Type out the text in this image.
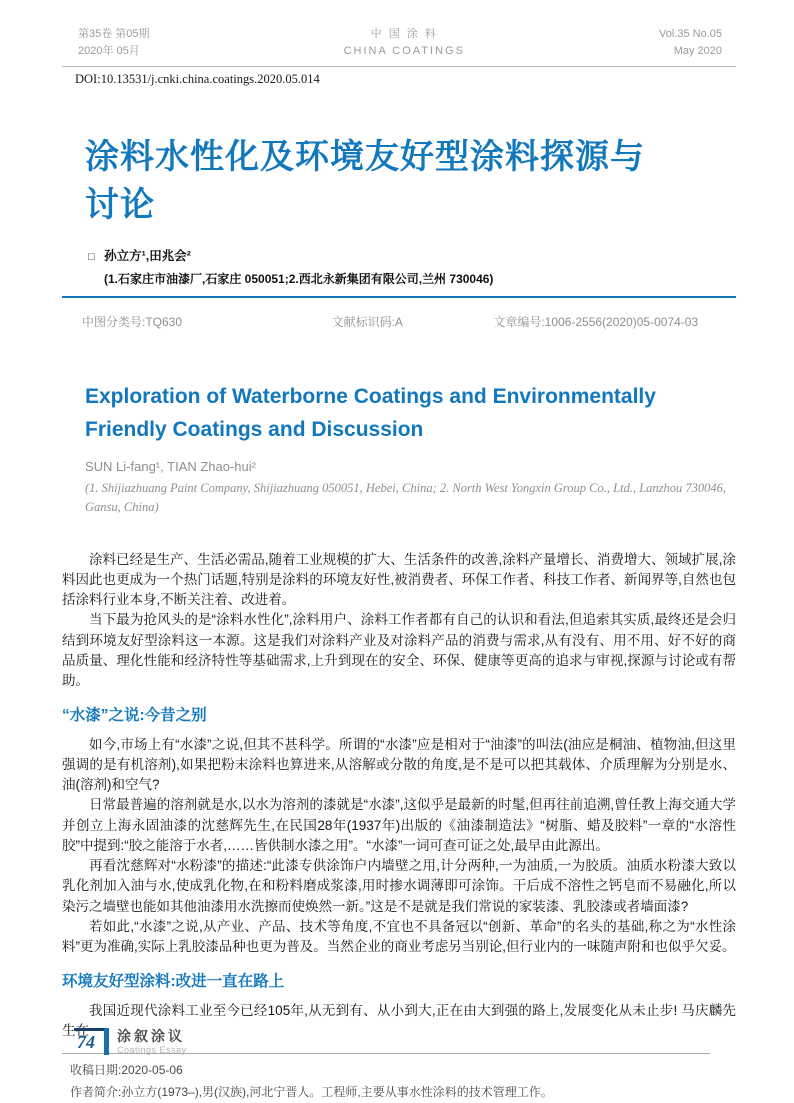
第35卷 第05期
2020年 05月
中 国 涂 料
CHINA COATINGS
Vol.35 No.05
May 2020
DOI:10.13531/j.cnki.china.coatings.2020.05.014
涂料水性化及环境友好型涂料探源与讨论
□ 孙立方¹,田兆会²
(1.石家庄市油漆厂,石家庄 050051;2.西北永新集团有限公司,兰州 730046)
中图分类号:TQ630	文献标识码:A	文章编号:1006-2556(2020)05-0074-03
Exploration of Waterborne Coatings and Environmentally Friendly Coatings and Discussion
SUN Li-fang¹, TIAN Zhao-hui²
(1. Shijiazhuang Paint Company, Shijiazhuang 050051, Hebei, China; 2. North West Yongxin Group Co., Ltd., Lanzhou 730046, Gansu, China)

涂料已经是生产、生活必需品,随着工业规模的扩大、生活条件的改善,涂料产量增长、消费增大、领域扩展,涂料因此也更成为一个热门话题,特别是涂料的环境友好性,被消费者、环保工作者、科技工作者、新闻界等,自然也包括涂料行业本身,不断关注着、改进着。

当下最为抢风头的是“涂料水性化”,涂料用户、涂料工作者都有自己的认识和看法,但追索其实质,最终还是会归结到环境友好型涂料这一本源。这是我们对涂料产业及对涂料产品的消费与需求,从有没有、用不用、好不好的商品质量、理化性能和经济特性等基础需求,上升到现在的安全、环保、健康等更高的追求与审视,探源与讨论或有帮助。

“水漆”之说:今昔之别

如今,市场上有“水漆”之说,但其不甚科学。所谓的“水漆”应是相对于“油漆”的叫法(油应是桐油、植物油,但这里强调的是有机溶剂),如果把粉末涂料也算进来,从溶解或分散的角度,是不是可以把其载体、介质理解为分别是水、油(溶剂)和空气?

日常最普遍的溶剂就是水,以水为溶剂的漆就是“水漆”,这似乎是最新的时髦,但再往前追溯,曾任教上海交通大学并创立上海永固油漆的沈慈辉先生,在民国28年(1937年)出版的《油漆制造法》“树脂、蜡及胶料”一章的“水溶性胶”中提到:“胶之能溶于水者,……皆供制水漆之用”。“水漆”一词可查可证之处,最早由此源出。

再看沈慈辉对“水粉漆”的描述:“此漆专供涂饰户内墙壁之用,计分两种,一为油质,一为胶质。油质水粉漆大致以乳化剂加入油与水,使成乳化物,在和粉料磨成浆漆,用时掺水调薄即可涂饰。干后成不溶性之钙皂而不易融化,所以染污之墙壁也能如其他油漆用水洗擦而使焕然一新。”这是不是就是我们常说的家装漆、乳胶漆或者墙面漆?

若如此,“水漆”之说,从产业、产品、技术等角度,不宜也不具备冠以“创新、革命”的名头的基础,称之为“水性涂料”更为准确,实际上乳胶漆品种也更为普及。当然企业的商业考虑另当别论,但行业内的一味随声附和也似乎欠妥。

环境友好型涂料:改进一直在路上

我国近现代涂料工业至今已经105年,从无到有、从小到大,正在由大到强的路上,发展变化从未止步! 马庆麟先生在

收稿日期:2020-05-06
作者简介:孙立方(1973–),男(汉族),河北宁晋人。工程师,主要从事水性涂料的技术管理工作。
74	涂叙涂议
Coatings Essay
